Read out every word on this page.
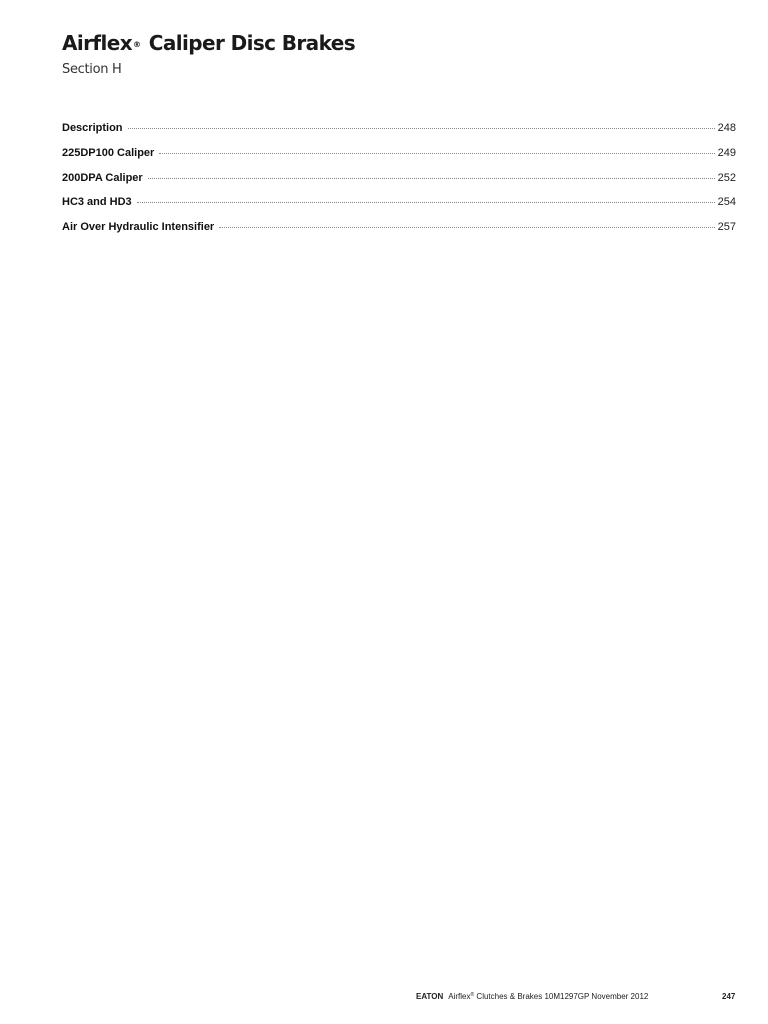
Airflex® Caliper Disc Brakes
Section H
Description	248
225DP100 Caliper	249
200DPA Caliper	252
HC3 and HD3	254
Air Over Hydraulic Intensifier	257
EATON Airflex® Clutches & Brakes 10M1297GP November 2012	247
